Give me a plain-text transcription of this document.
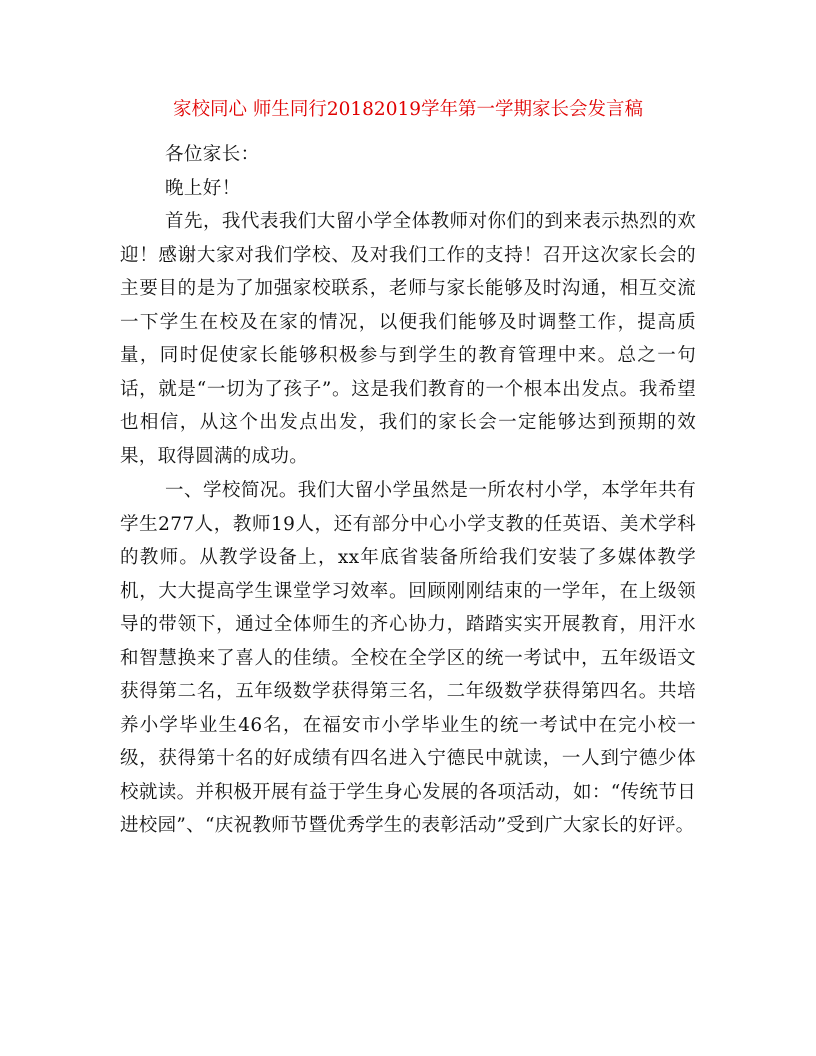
家校同心 师生同行20182019学年第一学期家长会发言稿

各位家长：

晚上好！

首先，我代表我们大留小学全体教师对你们的到来表示热烈的欢迎！感谢大家对我们学校、及对我们工作的支持！召开这次家长会的主要目的是为了加强家校联系，老师与家长能够及时沟通，相互交流一下学生在校及在家的情况，以便我们能够及时调整工作，提高质量，同时促使家长能够积极参与到学生的教育管理中来。总之一句话，就是“一切为了孩子”。这是我们教育的一个根本出发点。我希望也相信，从这个出发点出发，我们的家长会一定能够达到预期的效果，取得圆满的成功。

一、学校简况。我们大留小学虽然是一所农村小学，本学年共有学生277人，教师19人，还有部分中心小学支教的任英语、美术学科的教师。从教学设备上，xx年底省装备所给我们安装了多媒体教学机，大大提高学生课堂学习效率。回顾刚刚结束的一学年，在上级领导的带领下，通过全体师生的齐心协力，踏踏实实开展教育，用汗水和智慧换来了喜人的佳绩。全校在全学区的统一考试中，五年级语文获得第二名，五年级数学获得第三名，二年级数学获得第四名。共培养小学毕业生46名，在福安市小学毕业生的统一考试中在完小校一级，获得第十名的好成绩有四名进入宁德民中就读，一人到宁德少体校就读。并积极开展有益于学生身心发展的各项活动，如：“传统节日进校园”、“庆祝教师节暨优秀学生的表彰活动”受到广大家长的好评。
